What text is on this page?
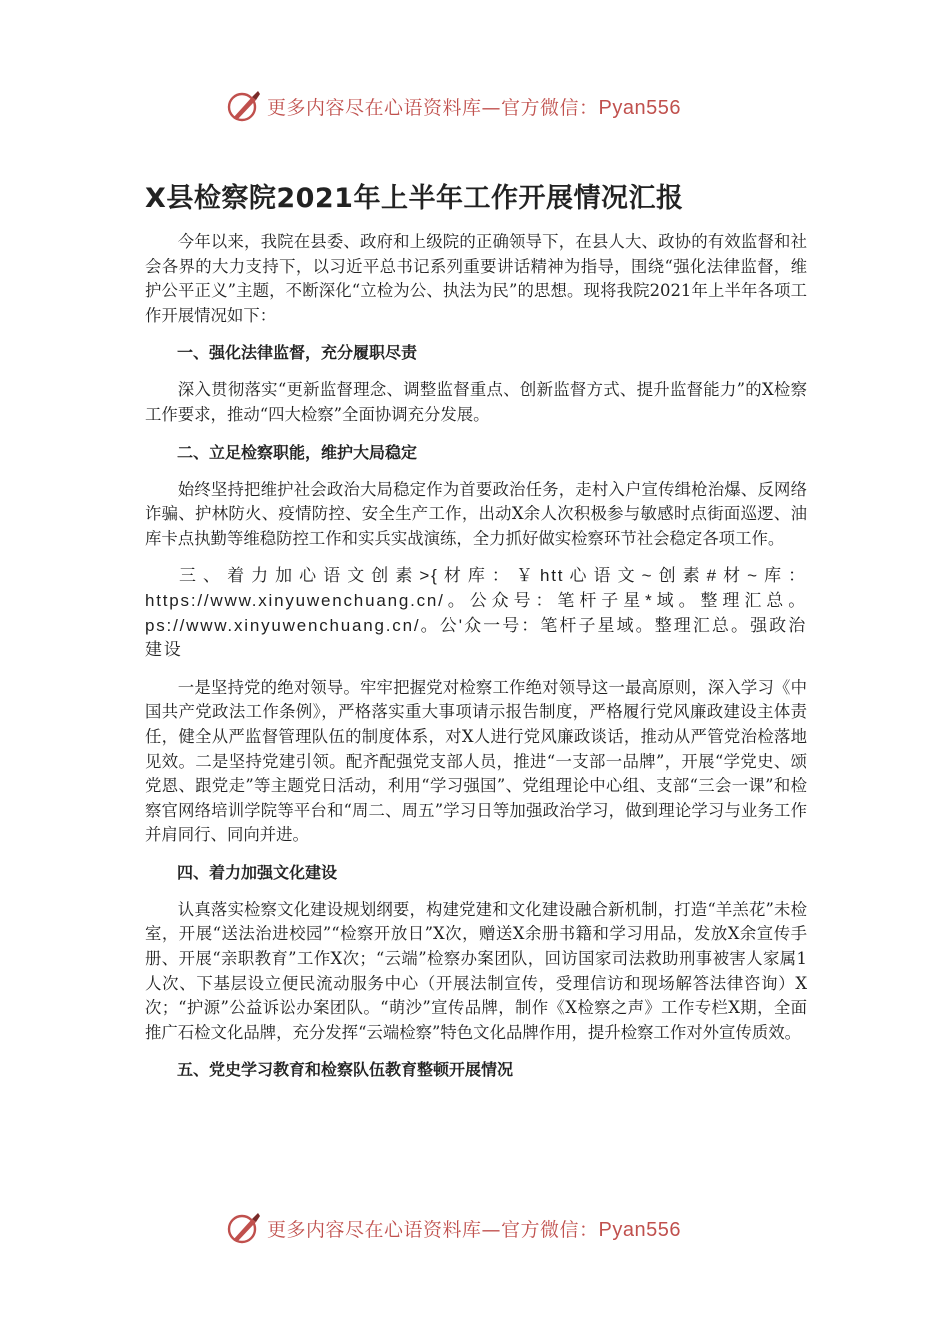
更多内容尽在心语资料库—官方微信：Pyan556
X县检察院2021年上半年工作开展情况汇报
今年以来，我院在县委、政府和上级院的正确领导下，在县人大、政协的有效监督和社会各界的大力支持下，以习近平总书记系列重要讲话精神为指导，围绕“强化法律监督，维护公平正义”主题，不断深化“立检为公、执法为民”的思想。现将我院2021年上半年各项工作开展情况如下：
一、强化法律监督，充分履职尽责
深入贯彻落实“更新监督理念、调整监督重点、创新监督方式、提升监督能力”的X检察工作要求，推动“四大检察”全面协调充分发展。
二、立足检察职能，维护大局稳定
始终坚持把维护社会政治大局稳定作为首要政治任务，走村入户宣传缉枪治爆、反网络诈骗、护林防火、疫情防控、安全生产工作，出动X余人次积极参与敏感时点街面巡逻、油库卡点执勤等维稳防控工作和实兵实战演练，全力抓好做实检察环节社会稳定各项工作。
三、着力加心语文创素>{材库：￥htt心语文~创素#材~库：https://www.xinyuwenchuang.cn/。公众号：笔杆子星*域。整理汇总。ps://www.xinyuwenchuang.cn/。公'众一号：笔杆子星域。整理汇总。强政治建设
一是坚持党的绝对领导。牢牢把握党对检察工作绝对领导这一最高原则，深入学习《中国共产党政法工作条例》，严格落实重大事项请示报告制度，严格履行党风廉政建设主体责任，健全从严监督管理队伍的制度体系，对X人进行党风廉政谈话，推动从严管党治检落地见效。二是坚持党建引领。配齐配强党支部人员，推进“一支部一品牌”，开展“学党史、颂党恩、跟党走”等主题党日活动，利用“学习强国”、党组理论中心组、支部“三会一课”和检察官网络培训学院等平台和“周二、周五”学习日等加强政治学习，做到理论学习与业务工作并肩同行、同向并进。
四、着力加强文化建设
认真落实检察文化建设规划纲要，构建党建和文化建设融合新机制，打造“羊羔花”未检室，开展“送法治进校园”“检察开放日”X次，赠送X余册书籍和学习用品，发放X余宣传手册、开展“亲职教育”工作X次；“云端”检察办案团队，回访国家司法救助刑事被害人家属1人次、下基层设立便民流动服务中心（开展法制宣传，受理信访和现场解答法律咨询）X次；“护源”公益诉讼办案团队。“萌沙”宣传品牌，制作《X检察之声》工作专栏X期，全面推广石检文化品牌，充分发挥“云端检察”特色文化品牌作用，提升检察工作对外宣传质效。
五、党史学习教育和检察队伍教育整顿开展情况
更多内容尽在心语资料库—官方微信：Pyan556
